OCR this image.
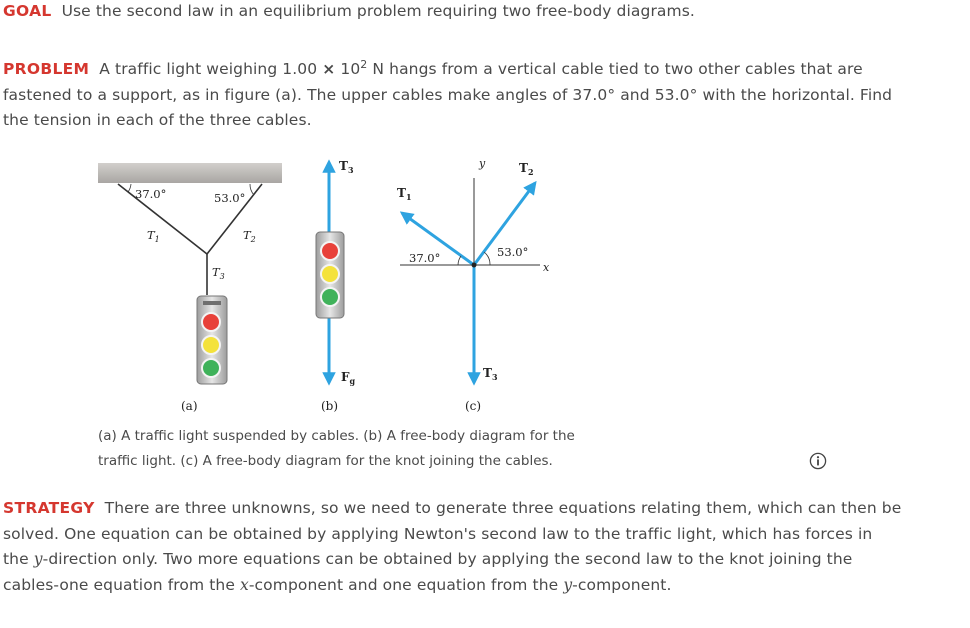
GOAL Use the second law in an equilibrium problem requiring two free-body diagrams.
PROBLEM A traffic light weighing $1.00 \times 10^2$ N hangs from a vertical cable tied to two other cables that are fastened to a support, as in figure (a). The upper cables make angles of 37.0° and 53.0° with the horizontal. Find the tension in each of the three cables.
37.0°	53.0°
$T_1$	$T_2$
$T_3$
(a)
$T_3$
$F_g$
(b)
y
x
37.0°	53.0°
$T_1$
$T_2$
$T_3$
(c)
(a) A traffic light suspended by cables. (b) A free-body diagram for the traffic light. (c) A free-body diagram for the knot joining the cables.
STRATEGY There are three unknowns, so we need to generate three equations relating them, which can then be solved. One equation can be obtained by applying Newton's second law to the traffic light, which has forces in the y-direction only. Two more equations can be obtained by applying the second law to the knot joining the cables-one equation from the x-component and one equation from the y-component.
